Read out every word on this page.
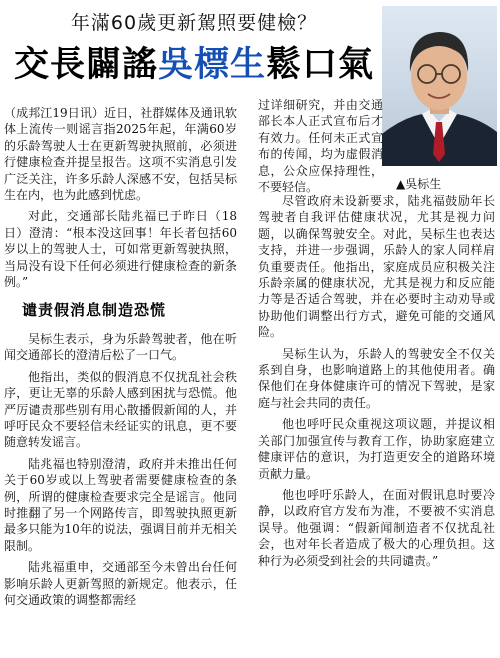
年滿60歲更新駕照要健檢？
交長闢謠吳標生鬆口氣
▲吳标生

（成邦江19日讯）近日，社群媒体及通讯软体上流传一则谣言指2025年起，年满60岁的乐龄驾驶人士在更新驾驶执照前，必须进行健康检查并提呈报告。这项不实消息引发广泛关注，许多乐龄人深感不安，包括吴标生在内，也为此感到忧虑。

对此，交通部长陆兆福已于昨日（18日）澄清：“根本没这回事！年长者包括60岁以上的驾驶人士，可如常更新驾驶执照，当局没有设下任何必须进行健康检查的新条例。”

谴责假消息制造恐慌

吴标生表示，身为乐龄驾驶者，他在听闻交通部长的澄清后松了一口气。

他指出，类似的假消息不仅扰乱社会秩序，更让无辜的乐龄人感到困扰与恐慌。他严厉谴责那些别有用心散播假新闻的人，并呼吁民众不要轻信未经证实的讯息，更不要随意转发谣言。

陆兆福也特别澄清，政府并未推出任何关于60岁或以上驾驶者需要健康检查的条例，所谓的健康检查要求完全是谣言。他同时推翻了另一个网路传言，即驾驶执照更新最多只能为10年的说法，强调目前并无相关限制。

陆兆福重申，交通部至今未曾出台任何影响乐龄人更新驾照的新规定。他表示，任何交通政策的调整都需经

过详细研究，并由交通部长本人正式宣布后才有效力。任何未正式宣布的传闻，均为虚假消息，公众应保持理性，不要轻信。

尽管政府未设新要求，陆兆福鼓励年长驾驶者自我评估健康状况，尤其是视力问题，以确保驾驶安全。对此，吴标生也表达支持，并进一步强调，乐龄人的家人同样肩负重要责任。他指出，家庭成员应积极关注乐龄亲属的健康状况，尤其是视力和反应能力等是否适合驾驶，并在必要时主动劝导或协助他们调整出行方式，避免可能的交通风险。

吴标生认为，乐龄人的驾驶安全不仅关系到自身，也影响道路上的其他使用者。确保他们在身体健康许可的情况下驾驶，是家庭与社会共同的责任。

他也呼吁民众重视这项议题，并提议相关部门加强宣传与教育工作，协助家庭建立健康评估的意识，为打造更安全的道路环境贡献力量。

他也呼吁乐龄人，在面对假讯息时要冷静，以政府官方发布为准，不要被不实消息误导。他强调：“假新闻制造者不仅扰乱社会，也对年长者造成了极大的心理负担。这种行为必须受到社会的共同谴责。”
